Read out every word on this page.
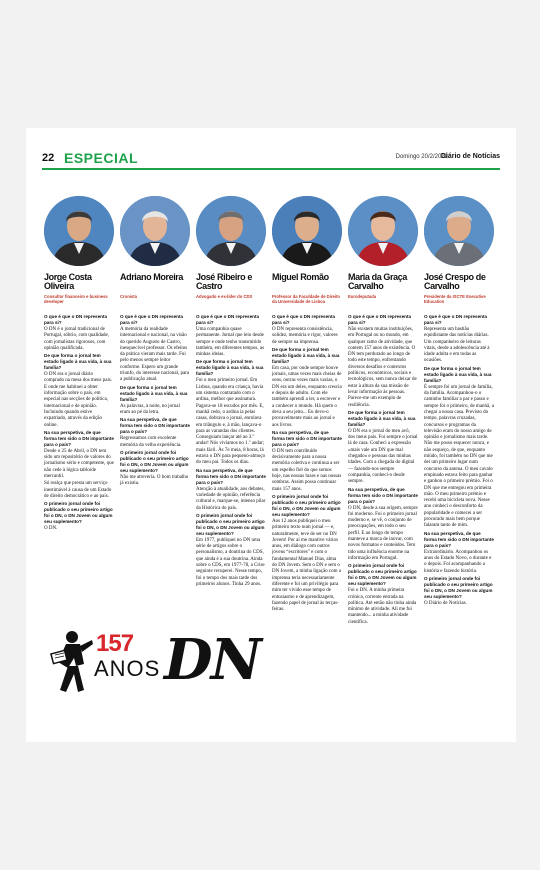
22 ESPECIAL	Domingo 20/2/2022
Diário de Notícias
Jorge Costa Oliveira
Consultor financeiro e business developer

O que é que o DN representa para si?

O DN é o jornal tradicional de Portugal, sóbrio, com qualidade, com jornalistas rigorosos, com opinião qualificada.

De que forma o jornal tem estado ligado à sua vida, à sua família?

O DN era o jornal diário comprado na mesa dos meus pais. E onde me habituei a obter informação sobre o país, em especial nas secções de política, internacional e de opinião. Incluindo quando estive expatriado, através da edição online.

Na sua perspetiva, de que forma tem sido o DN importante para o país?

Desde o 25 de Abril, o DN tem sido um repositório de valores do jornalismo sério e competente, que não cede à lógica tabloide mercantil.

Só realça que presta um serviço inestimável à causa de um Estado de direito democrático e ao país.

O primeiro jornal onde foi publicado o seu primeiro artigo foi o DN, o DN Jovem ou algum seu suplemento?

O DN.

Adriano Moreira
Cronista

O que é que o DN representa para si?

A memória da realidade internacional e nacional, na visão do querido Augusto de Castro, inesquecível professor. Os efeitos da prática vieram mais tarde. Fui pelo menos sempre leitor conforme. Espero um grande triunfo, do interesse nacional, para a publicação atual.

De que forma o jornal tem estado ligado à sua vida, à sua família?

As palavras, à noite, no jornal eram ao pé da letra.

Na sua perspetiva, de que forma tem sido o DN importante para o país?

Regressamos com excelente memória da velha experiência.

O primeiro jornal onde foi publicado o seu primeiro artigo foi o DN, o DN Jovem ou algum seu suplemento?

Não me atreveria. O bom trabalho já existia.

José Ribeiro e Castro
Advogado e ex-líder do CDS

O que é que o DN representa para si?

Uma companhia quase permanente. Jornal que leio desde sempre e onde tenho transmitido também, em diferentes tempos, as minhas ideias.

De que forma o jornal tem estado ligado à sua vida, à sua família?

Foi o meu primeiro jornal. Em Lisboa, quando era criança, havia um sistema contratado com o ardina, melhor que assinatura. Pagava-se 18 escudos por mês. E, manhã cedo, o ardina ia pelas casas, dobrava o jornal, enrolava em triângulo e, à mão, lançava-o para as varandas dos clientes. Conseguiam lançar até ao 3.º andar! Nós vivíamos no 1.º andar; mais fácil. Às 7e meia, 8 horas, lá estava o DN para pequeno-almoço do meu pai. Todos os dias.

Na sua perspetiva, de que forma tem sido o DN importante para o país?

Atenção à atualidade, aos debates, variedade de opinião, referência cultural e, marque-se, intenso pilar da Histórica do país.

O primeiro jornal onde foi publicado o seu primeiro artigo foi o DN, o DN Jovem ou algum seu suplemento?

Em 1977, publiquei no DN uma série de artigos sobre o personalismo, a doutrina do CDS, que ainda é a sua doutrina. Ainda sobre o CDS, em 1977-78, a Crise seguinte recuperei. Nesse tempo, foi o tempo dos mais tarde dos primeiros alunos. Tinha 29 anos.

Miguel Romão
Professor da Faculdade de Direito da Universidade de Lisboa

O que é que o DN representa para si?

O DN representa consistência, solidez, memória e rigor, valores de sempre na imprensa.

De que forma o jornal tem estado ligado à sua vida, à sua família?

Em casa, por onde sempre houve jornais, umas vezes mais cheias de sons, outras vezes mais vazias, o DN era um deles, enquanto crescia e depois de adulto. Com ele também aprendi a ler, a escrever e a conhecer o mundo. Há quem o deva a seu jeito... Eu devo-o provavelmente mais ao jornal e aos livros.

Na sua perspetiva, de que forma tem sido o DN importante para o país?

O DN tem contribuído decisivamente para a nossa memória coletiva e continua a ser um espelho fiel do que somos hoje, nas nossas luzes e nas nossas sombras. Assim possa continuar mais 157 anos.

O primeiro jornal onde foi publicado o seu primeiro artigo foi o DN, o DN Jovem ou algum seu suplemento?

Aos 12 anos publiquei o meu primeiro texto num jornal — e, naturalmente, teve de ser no DN Jovem! Por aí me mantive vários anos, em diálogo com outros jovens “escritores” e com o fundamental Manuel Dias, alma do DN Jovem. Sem o DN e sem o DN Jovem, a minha ligação com a imprensa teria necessariamente diferente e foi um privilégio para mim ter vivido esse tempo de entusiasmo e de aprendizagem, fazendo papel de jornal às terças-feiras.

Maria da Graça Carvalho
Eurodeputada

O que é que o DN representa para si?

Não existem muitas instituições, em Portugal ou no mundo, em qualquer ramo de atividade, que contem 157 anos de existência. O DN tem perdurado ao longo de todo este tempo, enfrentando diversos desafios e contextos políticos, económicos, sociais e tecnológicos, sem nunca deixar de estar à altura da sua missão de levar informação às pessoas. Parece-me um exemplo de resiliência.

De que forma o jornal tem estado ligado à sua vida, à sua família?

O DN era o jornal do meu avô, dos meus pais. Foi sempre o jornal lá de casa. Conheci a expressão «mais vale um DN que mal chegado» e pessoas das minhas idades. Com a chegada do digital — fazendo-nos sempre companhia, conheci-o desde sempre.

Na sua perspetiva, de que forma tem sido o DN importante para o país?

O DN, desde a sua origem, sempre foi moderno. Foi o primeiro jornal moderno e, se vê, o conjunto de preocupações, em todo o seu perfil. E ao longo do tempo manteve a marca de inovar, com novos formatos e conteúdos. Tem tido uma influência enorme na informação em Portugal.

O primeiro jornal onde foi publicado o seu primeiro artigo foi o DN, o DN Jovem ou algum seu suplemento?

Foi o DN. A minha primeira crónica, corrente entrada na política. Até então não tinha ainda mínimo de atividade. Ali me fui mantendo... a minha atividade científica.

José Crespo de Carvalho
Presidente da ISCTE Executive Education

O que é que o DN representa para si?

Representa um bastião equidistante das notícias diárias. Um companheiro de leituras vitais, desde a adolescência até à idade adulta e em todas as ocasiões.

De que forma o jornal tem estado ligado à sua vida, à sua família?

É sempre foi um jornal de família, da família. Acompanhou-o o caminho familiar a par e passo e sempre foi o primeiro, de manhã, a chegar a nossa casa. Previsto do tempo, palavras cruzadas, concursos e programas da televisão eram do nosso amigo de opinião e jornalismo mais tarde. Não me posso esquecer nunca, e não esqueço, de que, enquanto miúdo, foi também no DN que me dei um primeiro lugar num concurso da antena. O meu cavalo empinado estava feito para ganhar e ganhou o primeiro prémio. Foi o DN que me entregou em primeira mão. O meu primeiro prémio e recebi uma bicicleta nova. Nesse ano conheci o desconforto da popularidade e comecei a ser procurado mais bem porque falaram tanto de mim.

Na sua perspetiva, de que forma tem sido o DN importante para o país?

Extraordinário. Acompanhou os anos do Estado Novo, o durante e o depois. Foi acompanhando a história e fazendo história.

O primeiro jornal onde foi publicado o seu primeiro artigo foi o DN, o DN Jovem ou algum seu suplemento?

O Diário de Notícias.

157
ANOS DN
